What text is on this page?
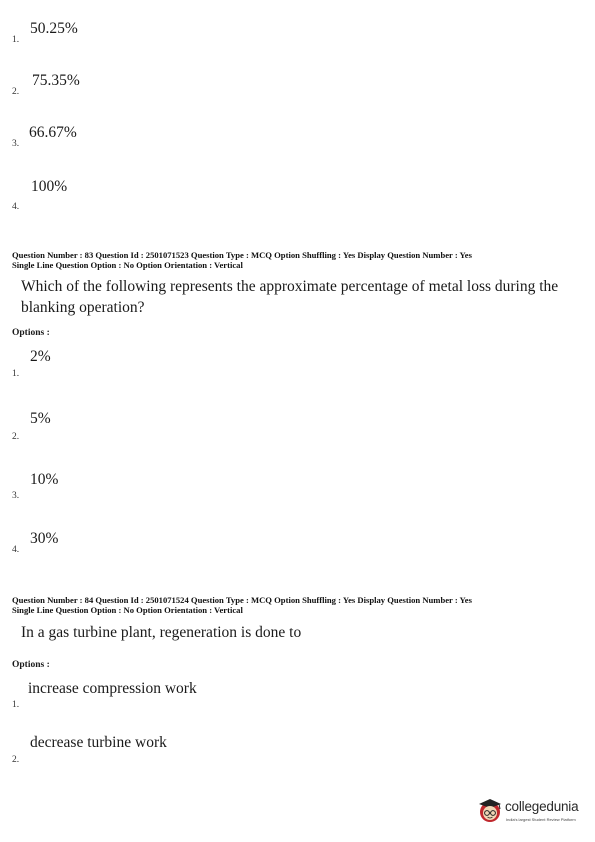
50.25%
1.
75.35%
2.
66.67%
3.
100%
4.
Question Number : 83 Question Id : 2501071523 Question Type : MCQ Option Shuffling : Yes Display Question Number : Yes
Single Line Question Option : No Option Orientation : Vertical
Which of the following represents the approximate percentage of metal loss during the blanking operation?
Options :
2%
1.
5%
2.
10%
3.
30%
4.
Question Number : 84 Question Id : 2501071524 Question Type : MCQ Option Shuffling : Yes Display Question Number : Yes
Single Line Question Option : No Option Orientation : Vertical
In a gas turbine plant, regeneration is done to
Options :
increase compression work
1.
decrease turbine work
2.
collegedunia
India's largest Student Review Platform
